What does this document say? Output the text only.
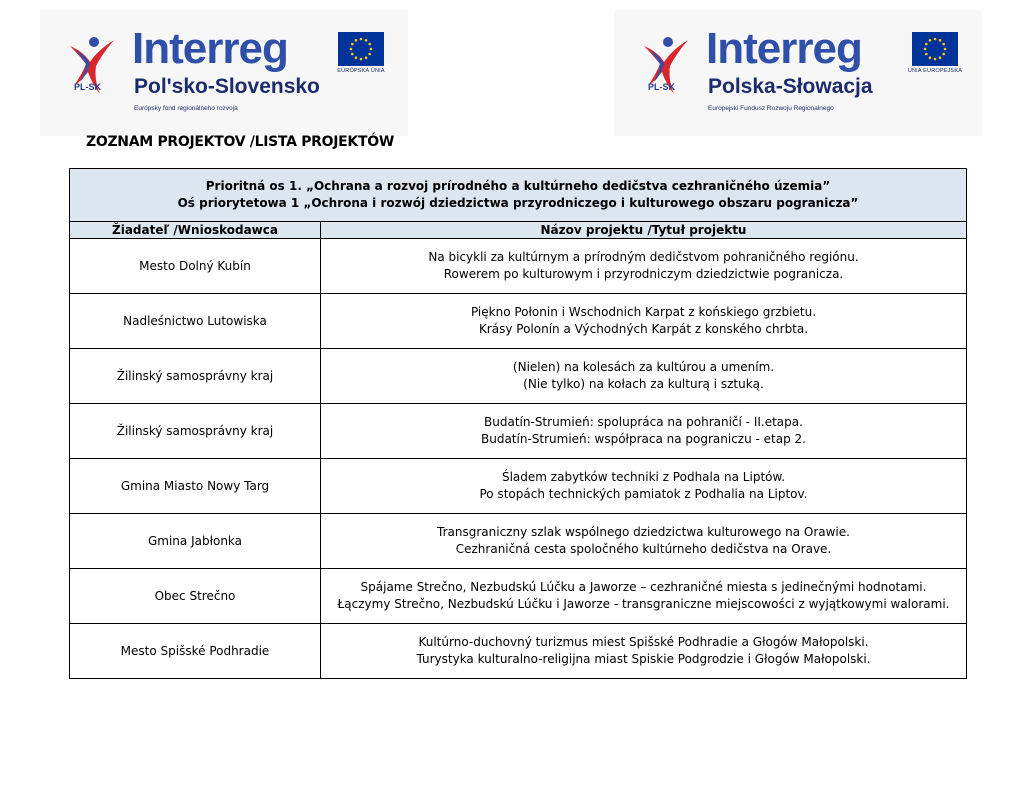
PL-SK
Interreg
Pol'sko-Slovensko
Európsky fond regionálneho rozvoja
EURÓPSKA ÚNIA
PL-SK
Interreg
Polska-Słowacja
Europejski Fundusz Rozwoju Regionalnego
UNIA EUROPEJSKA
ZOZNAM PROJEKTOV /LISTA PROJEKTÓW
Prioritná os 1. „Ochrana a rozvoj prírodného a kultúrneho dedičstva cezhraničného územia”
Oś priorytetowa 1 „Ochrona i rozwój dziedzictwa przyrodniczego i kulturowego obszaru pogranicza”	

Žiadateľ /Wnioskodawca	Názov projektu /Tytuł projektu
Mesto Dolný Kubín	Na bicykli za kultúrnym a prírodným dedičstvom pohraničného regiónu.
Rowerem po kulturowym i przyrodniczym dziedzictwie pogranicza.

Nadleśnictwo Lutowiska	Piękno Połonin i Wschodnich Karpat z końskiego grzbietu.
Krásy Polonín a Východných Karpát z konského chrbta.

Žilinský samosprávny kraj	(Nielen) na kolesách za kultúrou a umením.
(Nie tylko) na kołach za kulturą i sztuką.

Žilinský samosprávny kraj	Budatín-Strumień: spolupráca na pohraničí - II.etapa.
Budatín-Strumień: współpraca na pograniczu - etap 2.

Gmina Miasto Nowy Targ	Śladem zabytków techniki z Podhala na Liptów.
Po stopách technických pamiatok z Podhalia na Liptov.

Gmina Jabłonka	Transgraniczny szlak wspólnego dziedzictwa kulturowego na Orawie.
Cezhraničná cesta spoločného kultúrneho dedičstva na Orave.

Obec Strečno	Spájame Strečno, Nezbudskú Lúčku a Jaworze – cezhraničné miesta s jedinečnými hodnotami.
Łączymy Strečno, Nezbudskú Lúčku i Jaworze - transgraniczne miejscowości z wyjątkowymi walorami.

Mesto Spišské Podhradie	Kultúrno-duchovný turizmus miest Spišské Podhradie a Głogów Małopolski.
Turystyka kulturalno-religijna miast Spiskie Podgrodzie i Głogów Małopolski.
